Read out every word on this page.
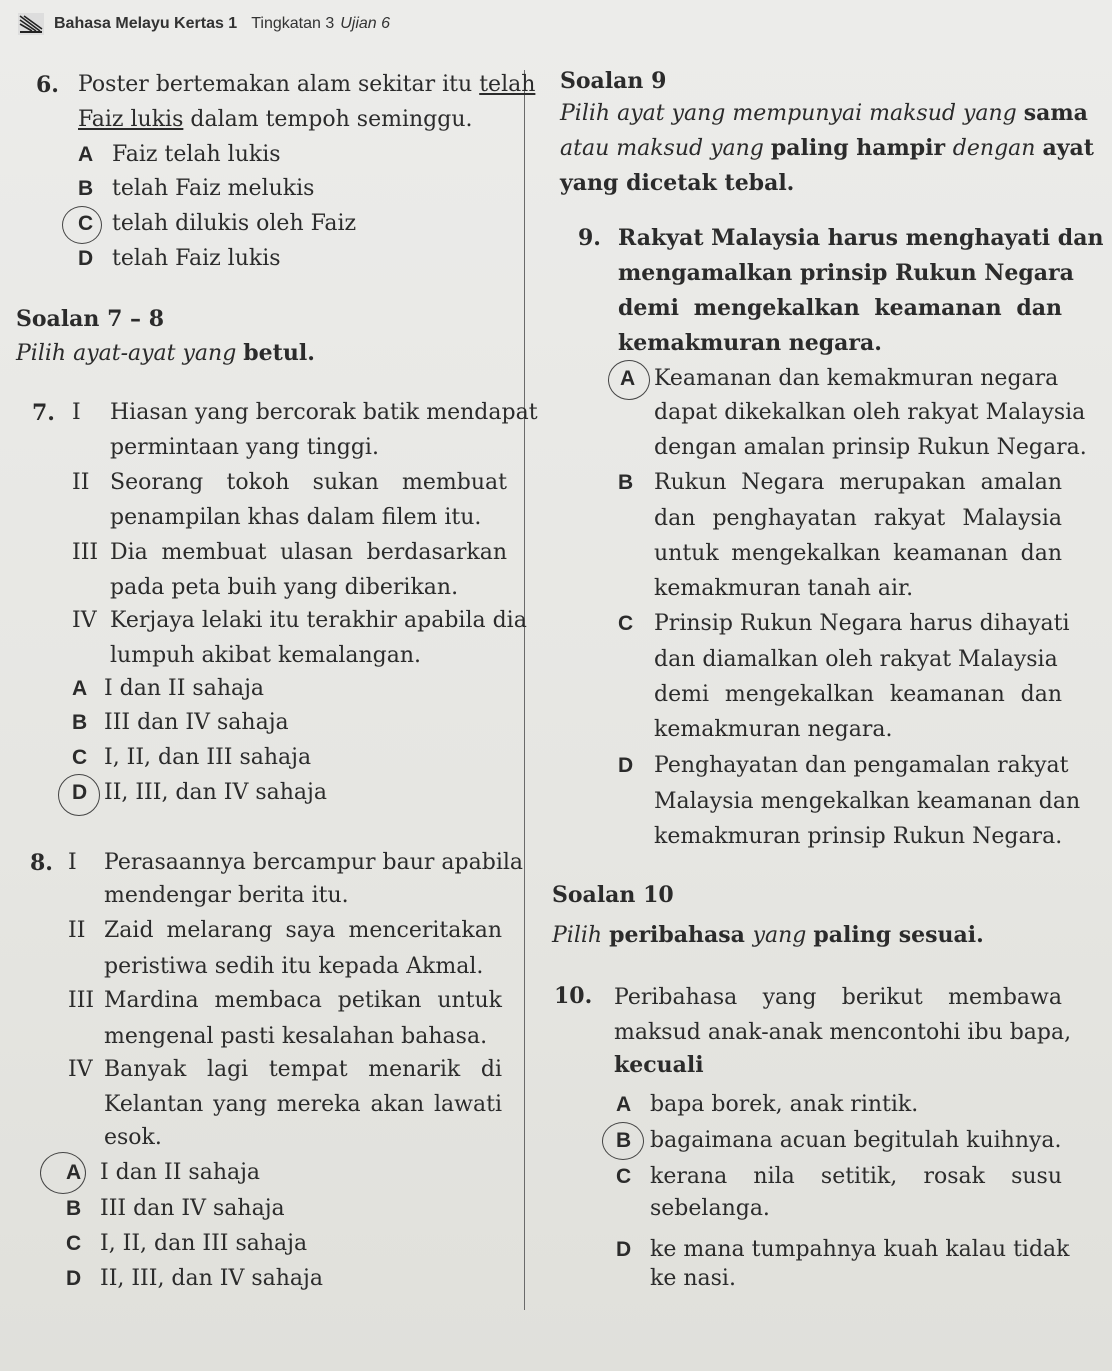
Bahasa Melayu Kertas 1 Tingkatan 3 Ujian 6
6. Poster bertemakan alam sekitar itu telah
Faiz lukis dalam tempoh seminggu.
A Faiz telah lukis
B telah Faiz melukis
C telah dilukis oleh Faiz
D telah Faiz lukis
Soalan 7 – 8
Pilih ayat-ayat yang betul.
7. I Hiasan yang bercorak batik mendapat
permintaan yang tinggi.
II Seorang tokoh sukan membuat
penampilan khas dalam filem itu.
III Dia membuat ulasan berdasarkan
pada peta buih yang diberikan.
IV Kerjaya lelaki itu terakhir apabila dia
lumpuh akibat kemalangan.
A I dan II sahaja
B III dan IV sahaja
C I, II, dan III sahaja
D II, III, dan IV sahaja
8. I Perasaannya bercampur baur apabila
mendengar berita itu.
II Zaid melarang saya menceritakan
peristiwa sedih itu kepada Akmal.
III Mardina membaca petikan untuk
mengenal pasti kesalahan bahasa.
IV Banyak lagi tempat menarik di
Kelantan yang mereka akan lawati
esok.
A I dan II sahaja
B III dan IV sahaja
C I, II, dan III sahaja
D II, III, dan IV sahaja
Soalan 9
Pilih ayat yang mempunyai maksud yang sama
atau maksud yang paling hampir dengan ayat
yang dicetak tebal.
9. Rakyat Malaysia harus menghayati dan
mengamalkan prinsip Rukun Negara
demi mengekalkan keamanan dan
kemakmuran negara.
A Keamanan dan kemakmuran negara
dapat dikekalkan oleh rakyat Malaysia
dengan amalan prinsip Rukun Negara.
B Rukun Negara merupakan amalan
dan penghayatan rakyat Malaysia
untuk mengekalkan keamanan dan
kemakmuran tanah air.
C Prinsip Rukun Negara harus dihayati
dan diamalkan oleh rakyat Malaysia
demi mengekalkan keamanan dan
kemakmuran negara.
D Penghayatan dan pengamalan rakyat
Malaysia mengekalkan keamanan dan
kemakmuran prinsip Rukun Negara.
Soalan 10
Pilih peribahasa yang paling sesuai.
10. Peribahasa yang berikut membawa
maksud anak-anak mencontohi ibu bapa,
kecuali
A bapa borek, anak rintik.
B bagaimana acuan begitulah kuihnya.
C kerana nila setitik, rosak susu
sebelanga.
D ke mana tumpahnya kuah kalau tidak
ke nasi.
